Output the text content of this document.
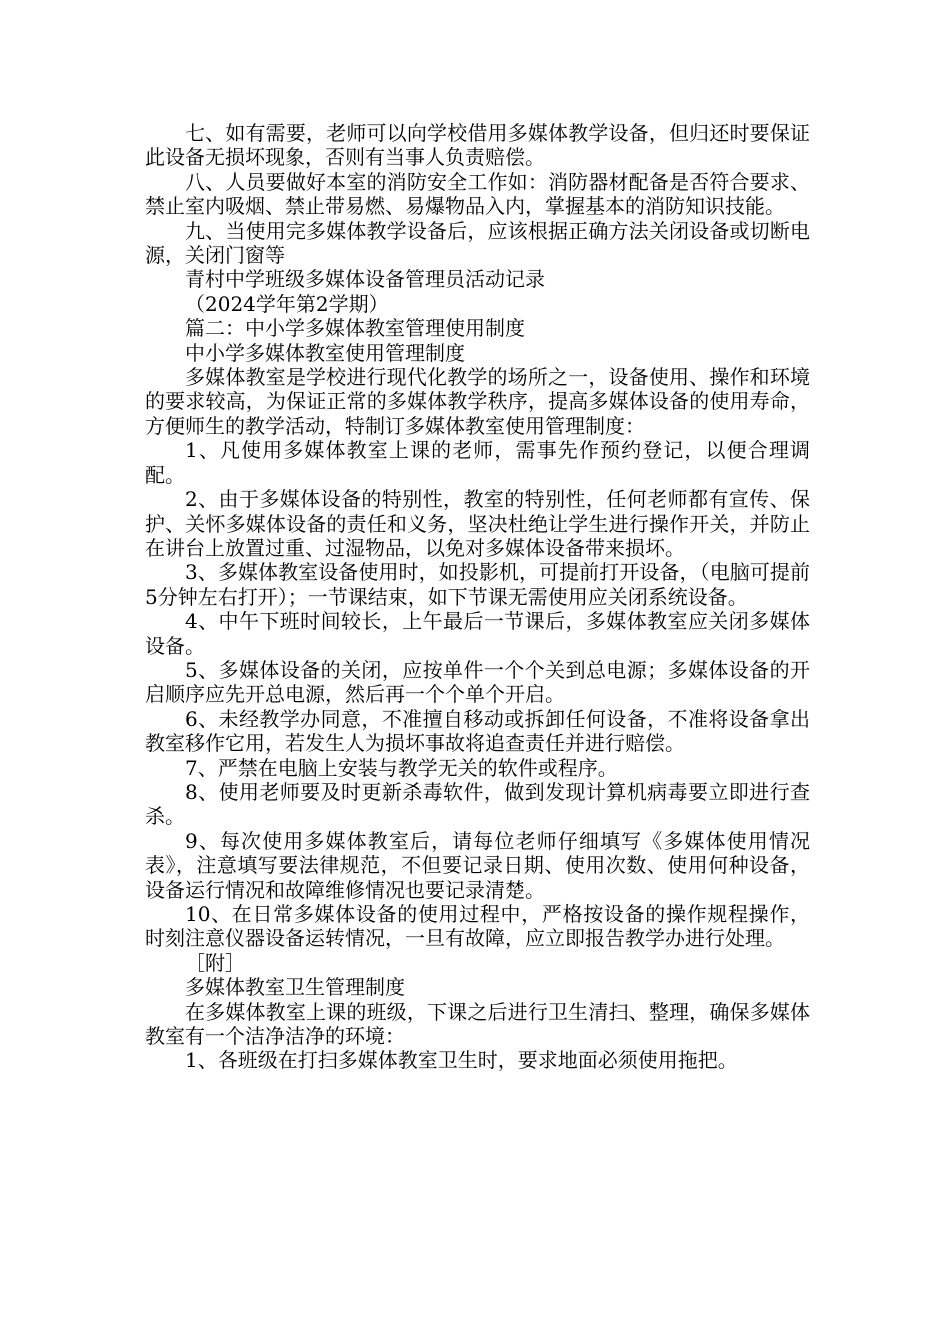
七、如有需要，老师可以向学校借用多媒体教学设备，但归还时要保证此设备无损坏现象，否则有当事人负责赔偿。

八、人员要做好本室的消防安全工作如：消防器材配备是否符合要求、禁止室内吸烟、禁止带易燃、易爆物品入内，掌握基本的消防知识技能。

九、当使用完多媒体教学设备后，应该根据正确方法关闭设备或切断电源，关闭门窗等

青村中学班级多媒体设备管理员活动记录

（2024学年第2学期）

篇二：中小学多媒体教室管理使用制度

中小学多媒体教室使用管理制度

多媒体教室是学校进行现代化教学的场所之一，设备使用、操作和环境的要求较高，为保证正常的多媒体教学秩序，提高多媒体设备的使用寿命，方便师生的教学活动，特制订多媒体教室使用管理制度：

1、凡使用多媒体教室上课的老师，需事先作预约登记，以便合理调配。

2、由于多媒体设备的特别性，教室的特别性，任何老师都有宣传、保护、关怀多媒体设备的责任和义务，坚决杜绝让学生进行操作开关，并防止在讲台上放置过重、过湿物品，以免对多媒体设备带来损坏。

3、多媒体教室设备使用时，如投影机，可提前打开设备，（电脑可提前5分钟左右打开）；一节课结束，如下节课无需使用应关闭系统设备。

4、中午下班时间较长，上午最后一节课后，多媒体教室应关闭多媒体设备。

5、多媒体设备的关闭，应按单件一个个关到总电源；多媒体设备的开启顺序应先开总电源，然后再一个个单个开启。

6、未经教学办同意，不准擅自移动或拆卸任何设备，不准将设备拿出教室移作它用，若发生人为损坏事故将追查责任并进行赔偿。

7、严禁在电脑上安装与教学无关的软件或程序。

8、使用老师要及时更新杀毒软件，做到发现计算机病毒要立即进行查杀。

9、每次使用多媒体教室后，请每位老师仔细填写《多媒体使用情况表》，注意填写要法律规范，不但要记录日期、使用次数、使用何种设备，设备运行情况和故障维修情况也要记录清楚。

10、在日常多媒体设备的使用过程中，严格按设备的操作规程操作，时刻注意仪器设备运转情况，一旦有故障，应立即报告教学办进行处理。

［附］

多媒体教室卫生管理制度

在多媒体教室上课的班级，下课之后进行卫生清扫、整理，确保多媒体教室有一个洁净洁净的环境：

1、各班级在打扫多媒体教室卫生时，要求地面必须使用拖把。
